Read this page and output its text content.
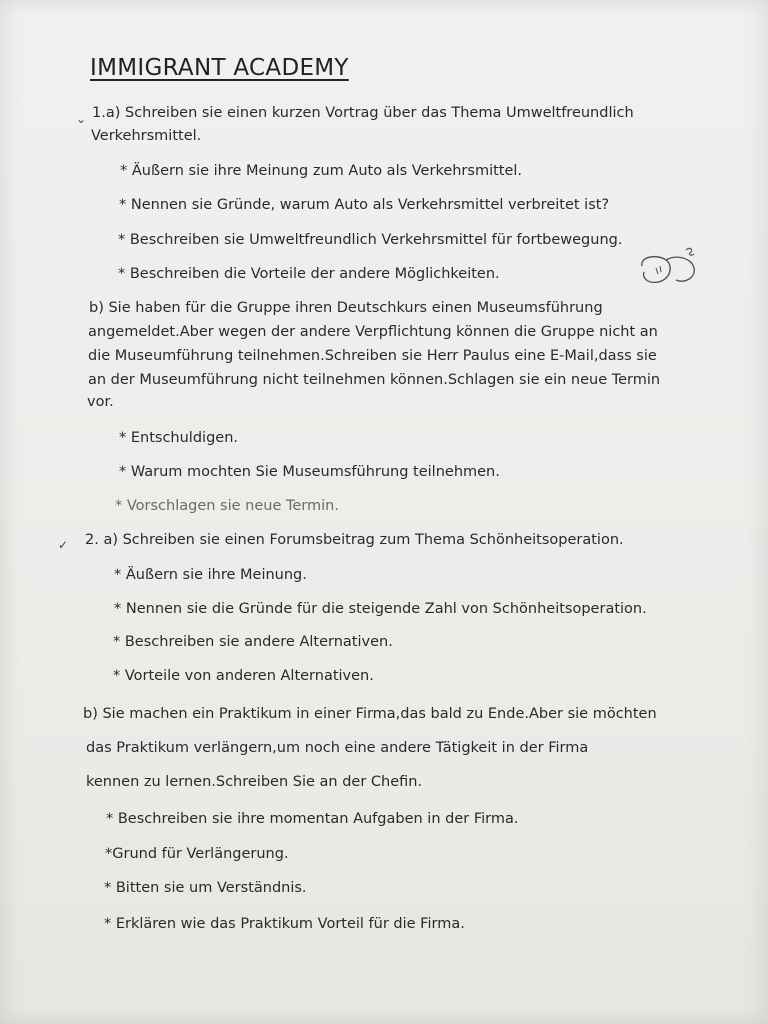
IMMIGRANT ACADEMY
⌄ 1.a) Schreiben sie einen kurzen Vortrag über das Thema Umweltfreundlich
Verkehrsmittel.
* Äußern sie ihre Meinung zum Auto als Verkehrsmittel.
* Nennen sie Gründe, warum Auto als Verkehrsmittel verbreitet ist?
* Beschreiben sie Umweltfreundlich Verkehrsmittel für fortbewegung.
* Beschreiben die Vorteile der andere Möglichkeiten.
b) Sie haben für die Gruppe ihren Deutschkurs einen Museumsführung
angemeldet.Aber wegen der andere Verpflichtung können die Gruppe nicht an
die Museumführung teilnehmen.Schreiben sie Herr Paulus eine E-Mail,dass sie
an der Museumführung nicht teilnehmen können.Schlagen sie ein neue Termin
vor.
* Entschuldigen.
* Warum mochten Sie Museumsführung teilnehmen.
* Vorschlagen sie neue Termin.
✓ 2. a) Schreiben sie einen Forumsbeitrag zum Thema Schönheitsoperation.
* Äußern sie ihre Meinung.
* Nennen sie die Gründe für die steigende Zahl von Schönheitsoperation.
* Beschreiben sie andere Alternativen.
* Vorteile von anderen Alternativen.
b) Sie machen ein Praktikum in einer Firma,das bald zu Ende.Aber sie möchten
das Praktikum verlängern,um noch eine andere Tätigkeit in der Firma
kennen zu lernen.Schreiben Sie an der Chefin.
* Beschreiben sie ihre momentan Aufgaben in der Firma.
*Grund für Verlängerung.
* Bitten sie um Verständnis.
* Erklären wie das Praktikum Vorteil für die Firma.
